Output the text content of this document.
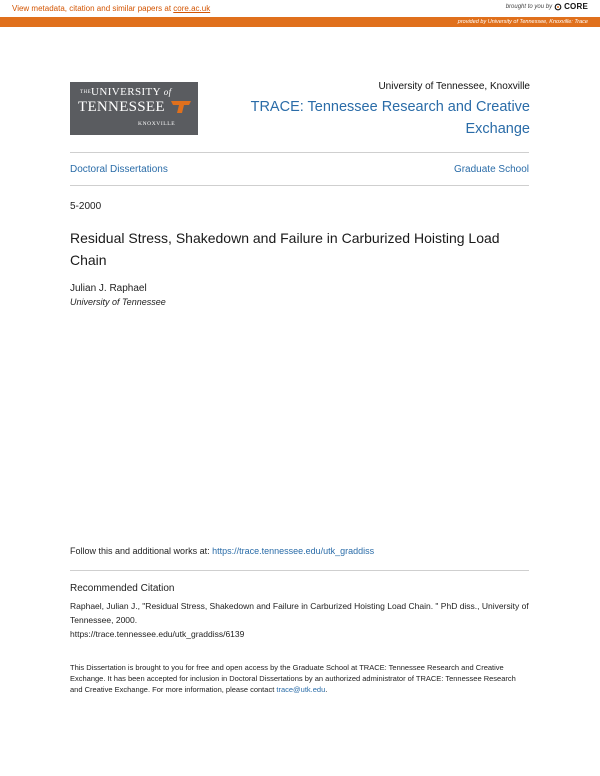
View metadata, citation and similar papers at core.ac.uk	brought to you by CORE
provided by University of Tennessee, Knoxville: Trace
THE UNIVERSITY of
TENNESSEE
KNOXVILLE
University of Tennessee, Knoxville
TRACE: Tennessee Research and Creative Exchange
Doctoral Dissertations	Graduate School
5-2000
Residual Stress, Shakedown and Failure in Carburized Hoisting Load Chain
Julian J. Raphael
University of Tennessee
Follow this and additional works at: https://trace.tennessee.edu/utk_graddiss
Recommended Citation
Raphael, Julian J., "Residual Stress, Shakedown and Failure in Carburized Hoisting Load Chain. " PhD diss., University of Tennessee, 2000.
https://trace.tennessee.edu/utk_graddiss/6139
This Dissertation is brought to you for free and open access by the Graduate School at TRACE: Tennessee Research and Creative Exchange. It has been accepted for inclusion in Doctoral Dissertations by an authorized administrator of TRACE: Tennessee Research and Creative Exchange. For more information, please contact trace@utk.edu.
